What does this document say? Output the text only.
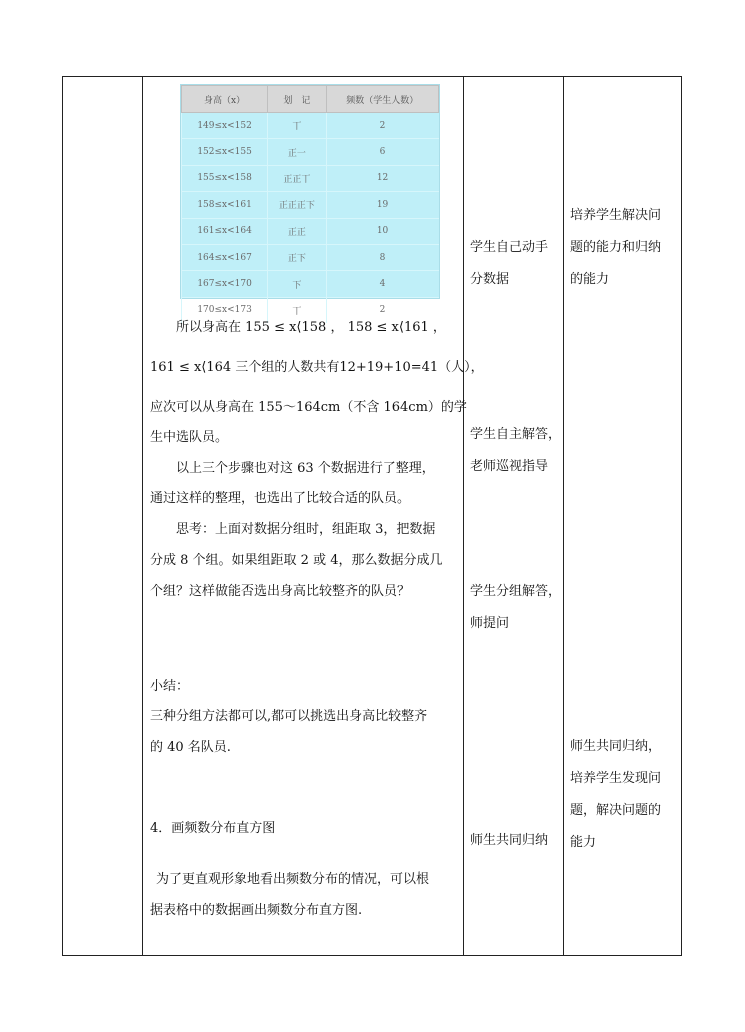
身高（x）	划　记	频数（学生人数）
149≤x<152	丅	2
152≤x<155	正一	6
155≤x<158	正正丅	12
158≤x<161	正正正下	19
161≤x<164	正正	10
164≤x<167	正下	8
167≤x<170	下	4
170≤x<173	丅	2
所以身高在 155 ≤ x⟨158 ， 158 ≤ x⟨161 ，
161 ≤ x⟨164 三个组的人数共有12+19+10=41（人），
应次可以从身高在 155～164cm（不含 164cm）的学
生中选队员。
以上三个步骤也对这 63 个数据进行了整理，
通过这样的整理，也选出了比较合适的队员。
思考：上面对数据分组时，组距取 3，把数据
分成 8 个组。如果组距取 2 或 4，那么数据分成几
个组？这样做能否选出身高比较整齐的队员？
小结：
三种分组方法都可以,都可以挑选出身高比较整齐
的 40 名队员.
4．画频数分布直方图
为了更直观形象地看出频数分布的情况，可以根
据表格中的数据画出频数分布直方图.
学生自己动手
分数据
学生自主解答，
老师巡视指导
学生分组解答，
师提问
师生共同归纳
培养学生解决问
题的能力和归纳
的能力
师生共同归纳，
培养学生发现问
题，解决问题的
能力
